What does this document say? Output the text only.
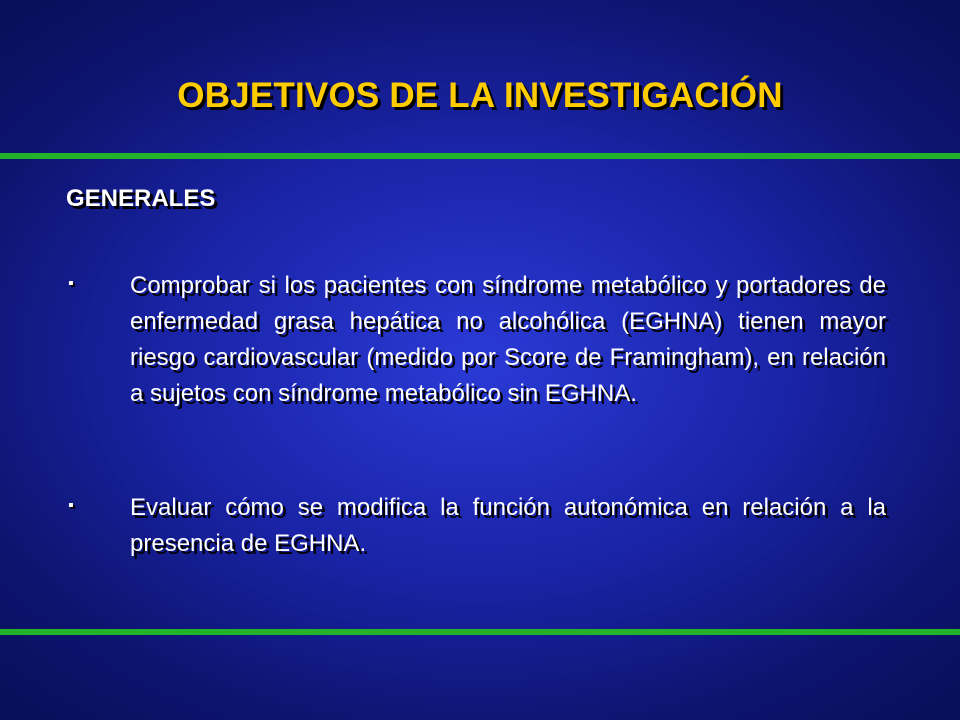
OBJETIVOS DE LA INVESTIGACIÓN
GENERALES
▪	Comprobar si los pacientes con síndrome metabólico y portadores de enfermedad grasa hepática no alcohólica (EGHNA) tienen mayor riesgo cardiovascular (medido por Score de Framingham), en relación a sujetos con síndrome metabólico sin EGHNA.
▪	Evaluar cómo se modifica la función autonómica en relación a la presencia de EGHNA.
